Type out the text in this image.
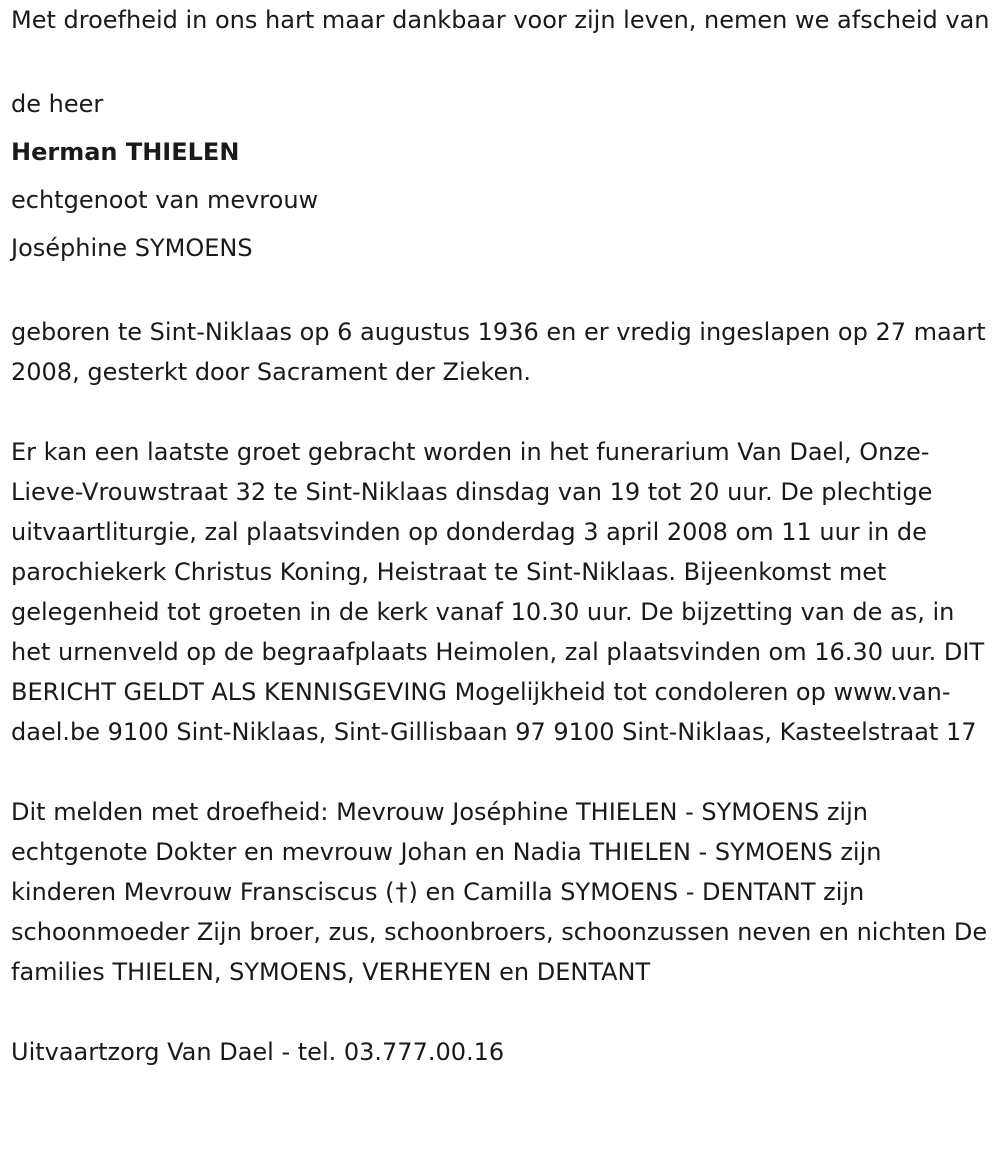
Met droefheid in ons hart maar dankbaar voor zijn leven, nemen we afscheid van

de heer
Herman THIELEN
echtgenoot van mevrouw
Joséphine SYMOENS

geboren te Sint-Niklaas op 6 augustus 1936 en er vredig ingeslapen op 27 maart 2008, gesterkt door Sacrament der Zieken.

Er kan een laatste groet gebracht worden in het funerarium Van Dael, Onze-Lieve-Vrouwstraat 32 te Sint-Niklaas dinsdag van 19 tot 20 uur. De plechtige uitvaartliturgie, zal plaatsvinden op donderdag 3 april 2008 om 11 uur in de parochiekerk Christus Koning, Heistraat te Sint-Niklaas. Bijeenkomst met gelegenheid tot groeten in de kerk vanaf 10.30 uur. De bijzetting van de as, in het urnenveld op de begraafplaats Heimolen, zal plaatsvinden om 16.30 uur. DIT BERICHT GELDT ALS KENNISGEVING Mogelijkheid tot condoleren op www.van-dael.be 9100 Sint-Niklaas, Sint-Gillisbaan 97 9100 Sint-Niklaas, Kasteelstraat 17

Dit melden met droefheid: Mevrouw Joséphine THIELEN - SYMOENS zijn echtgenote Dokter en mevrouw Johan en Nadia THIELEN - SYMOENS zijn kinderen Mevrouw Fransciscus (†) en Camilla SYMOENS - DENTANT zijn schoonmoeder Zijn broer, zus, schoonbroers, schoonzussen neven en nichten De families THIELEN, SYMOENS, VERHEYEN en DENTANT

Uitvaartzorg Van Dael - tel. 03.777.00.16
